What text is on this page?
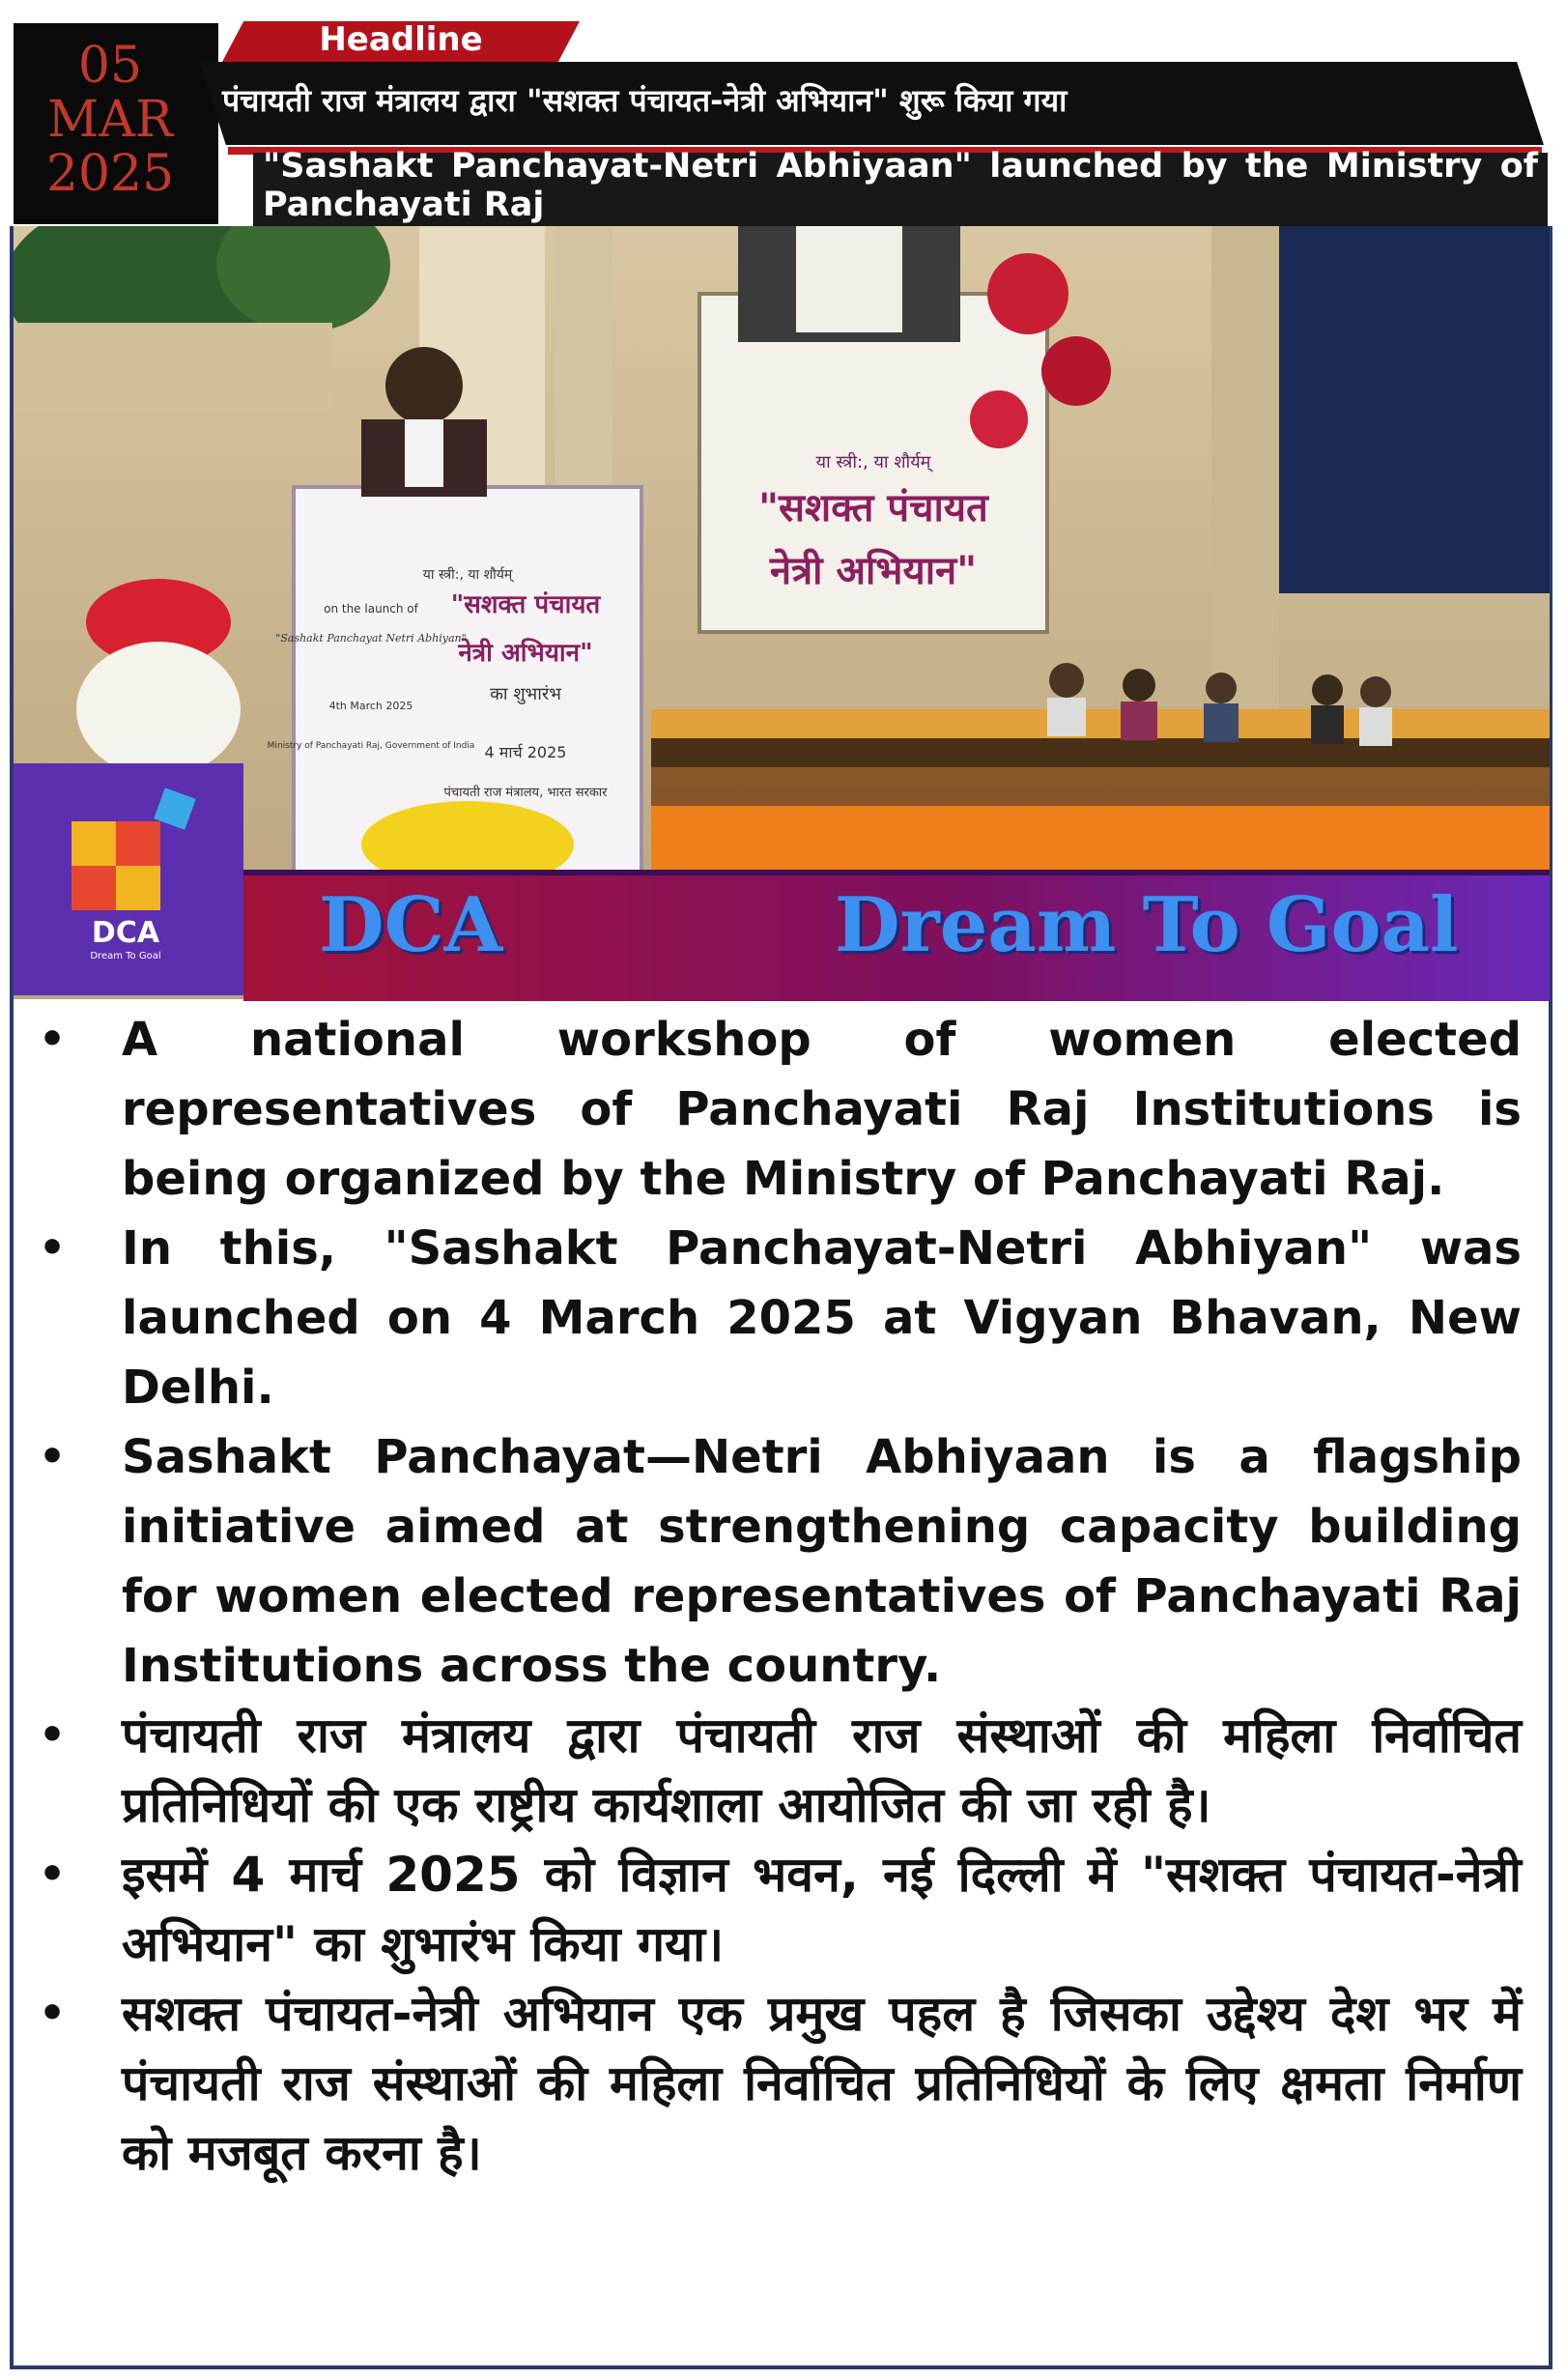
05
MAR
2025
Headline
पंचायती राज मंत्रालय द्वारा "सशक्त पंचायत-नेत्री अभियान" शुरू किया गया
"Sashakt Panchayat-Netri Abhiyaan" launched by the Ministry of Panchayati Raj
या स्त्री:, या शौर्यम्
"सशक्त पंचायत
नेत्री अभियान"
या स्त्री:, या शौर्यम्
on the launch of
"Sashakt Panchayat Netri Abhiyan"
4th March 2025
Ministry of Panchayati Raj, Government of India
"सशक्त पंचायत
नेत्री अभियान"
का शुभारंभ
4 मार्च 2025
पंचायती राज मंत्रालय, भारत सरकार
DCA	Dream To Goal
DCA
Dream To Goal
• A national workshop of women elected representatives of Panchayati Raj Institutions is being organized by the Ministry of Panchayati Raj.
• In this, "Sashakt Panchayat-Netri Abhiyan" was launched on 4 March 2025 at Vigyan Bhavan, New Delhi.
• Sashakt Panchayat—Netri Abhiyaan is a flagship initiative aimed at strengthening capacity building for women elected representatives of Panchayati Raj Institutions across the country.
• पंचायती राज मंत्रालय द्वारा पंचायती राज संस्थाओं की महिला निर्वाचित प्रतिनिधियों की एक राष्ट्रीय कार्यशाला आयोजित की जा रही है।
• इसमें 4 मार्च 2025 को विज्ञान भवन, नई दिल्ली में "सशक्त पंचायत-नेत्री अभियान" का शुभारंभ किया गया।
• सशक्त पंचायत-नेत्री अभियान एक प्रमुख पहल है जिसका उद्देश्य देश भर में पंचायती राज संस्थाओं की महिला निर्वाचित प्रतिनिधियों के लिए क्षमता निर्माण को मजबूत करना है।
